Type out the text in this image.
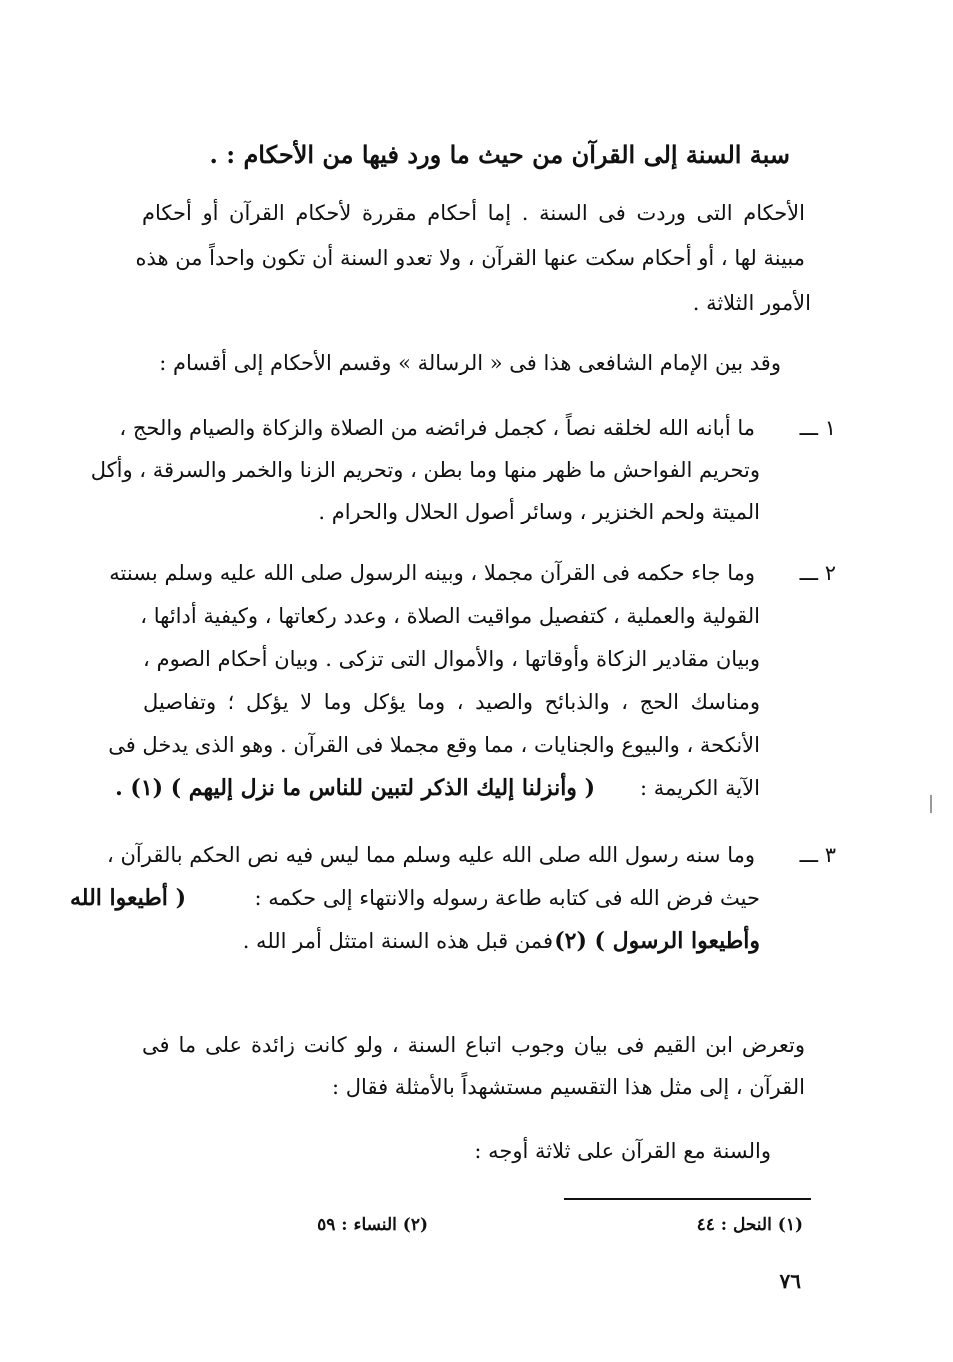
سبة السنة إلى القرآن من حيث ما ورد فيها من الأحكام : .
الأحكام التى وردت فى السنة . إما أحكام مقررة لأحكام القرآن أو أحكام
مبينة لها ، أو أحكام سكت عنها القرآن ، ولا تعدو السنة أن تكون واحداً من هذه
الأمور الثلاثة .
وقد بين الإمام الشافعى هذا فى « الرسالة » وقسم الأحكام إلى أقسام :
١ ـــ
ما أبانه الله لخلقه نصاً ، كجمل فرائضه من الصلاة والزكاة والصيام والحج ،
وتحريم الفواحش ما ظهر منها وما بطن ، وتحريم الزنا والخمر والسرقة ، وأكل
الميتة ولحم الخنزير ، وسائر أصول الحلال والحرام .
٢ ـــ
وما جاء حكمه فى القرآن مجملا ، وبينه الرسول صلى الله عليه وسلم بسنته
القولية والعملية ، كتفصيل مواقيت الصلاة ، وعدد ركعاتها ، وكيفية أدائها ،
وبيان مقادير الزكاة وأوقاتها ، والأموال التى تزكى . وبيان أحكام الصوم ،
ومناسك الحج ، والذبائح والصيد ، وما يؤكل وما لا يؤكل ؛ وتفاصيل
الأنكحة ، والبيوع والجنايات ، مما وقع مجملا فى القرآن . وهو الذى يدخل فى
الآية الكريمة :
( وأنزلنا إليك الذكر لتبين للناس ما نزل إليهم ) (١) .
٣ ـــ
وما سنه رسول الله صلى الله عليه وسلم مما ليس فيه نص الحكم بالقرآن ،
حيث فرض الله فى كتابه طاعة رسوله والانتهاء إلى حكمه :
( أطيعوا الله
وأطيعوا الرسول ) (٢)
فمن قبل هذه السنة امتثل أمر الله .
وتعرض ابن القيم فى بيان وجوب اتباع السنة ، ولو كانت زائدة على ما فى
القرآن ، إلى مثل هذا التقسيم مستشهداً بالأمثلة فقال :
والسنة مع القرآن على ثلاثة أوجه :
(١) النحل : ٤٤
(٢) النساء : ٥٩
٧٦
